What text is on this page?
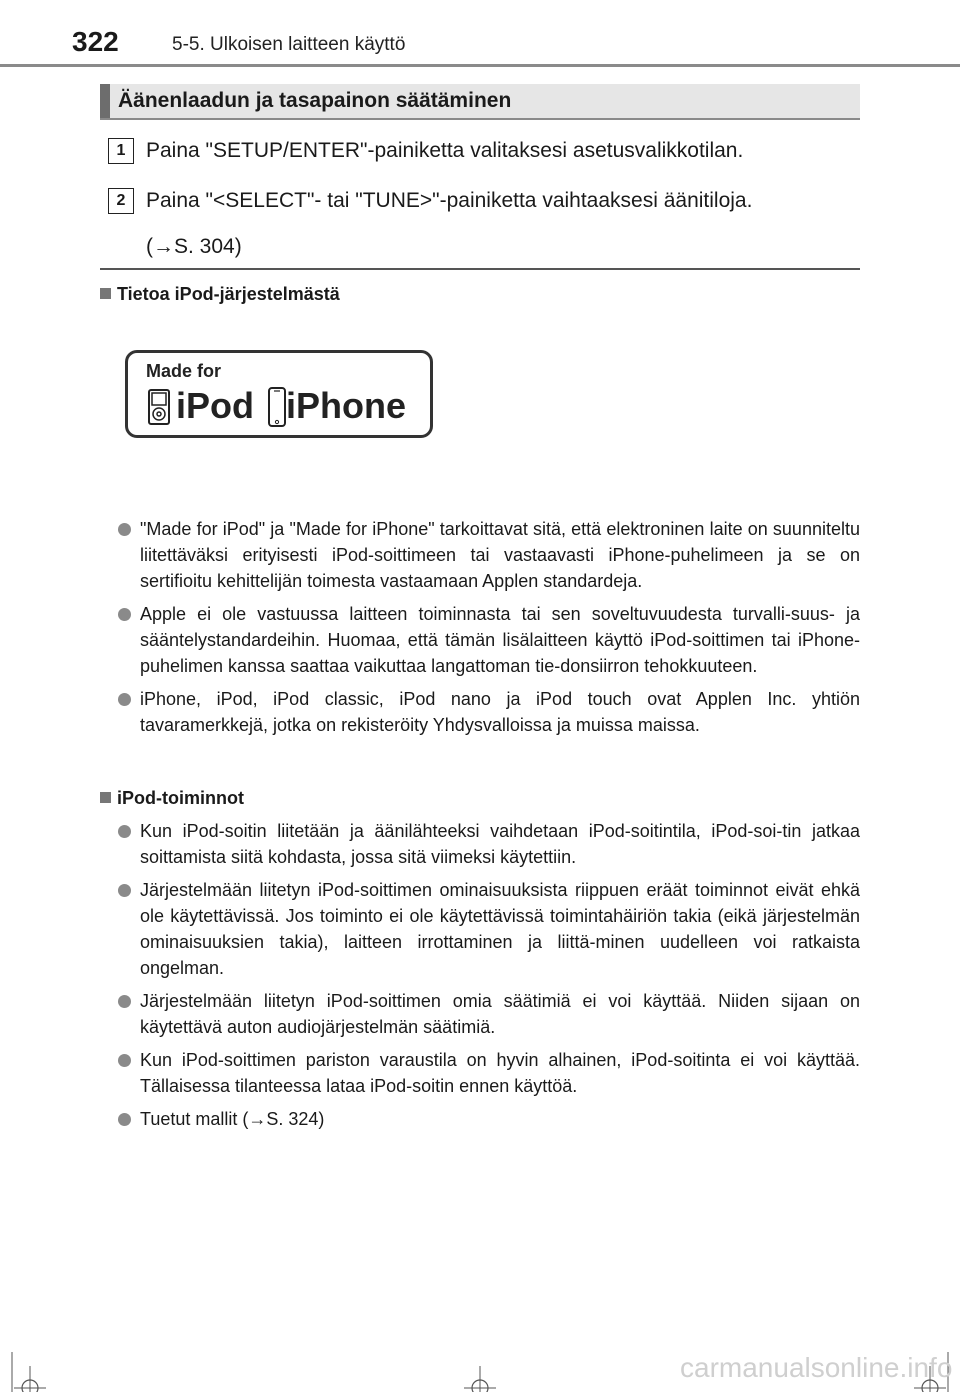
322	5-5. Ulkoisen laitteen käyttö
Äänenlaadun ja tasapainon säätäminen
1 Paina "SETUP/ENTER"-painiketta valitaksesi asetusvalikkotilan.
2 Paina "<SELECT"- tai "TUNE>"-painiketta vaihtaaksesi äänitiloja.
(→S. 304)
Tietoa iPod-järjestelmästä
Made for
iPod iPhone
"Made for iPod" ja "Made for iPhone" tarkoittavat sitä, että elektroninen laite on suunniteltu liitettäväksi erityisesti iPod-soittimeen tai vastaavasti iPhone-puhelimeen ja se on sertifioitu kehittelijän toimesta vastaamaan Applen standardeja.
Apple ei ole vastuussa laitteen toiminnasta tai sen soveltuvuudesta turvalli-suus- ja sääntelystandardeihin. Huomaa, että tämän lisälaitteen käyttö iPod-soittimen tai iPhone-puhelimen kanssa saattaa vaikuttaa langattoman tie-donsiirron tehokkuuteen.
iPhone, iPod, iPod classic, iPod nano ja iPod touch ovat Applen Inc. yhtiön tavaramerkkejä, jotka on rekisteröity Yhdysvalloissa ja muissa maissa.
iPod-toiminnot
Kun iPod-soitin liitetään ja äänilähteeksi vaihdetaan iPod-soitintila, iPod-soi-tin jatkaa soittamista siitä kohdasta, jossa sitä viimeksi käytettiin.
Järjestelmään liitetyn iPod-soittimen ominaisuuksista riippuen eräät toiminnot eivät ehkä ole käytettävissä. Jos toiminto ei ole käytettävissä toimintahäiriön takia (eikä järjestelmän ominaisuuksien takia), laitteen irrottaminen ja liittä-minen uudelleen voi ratkaista ongelman.
Järjestelmään liitetyn iPod-soittimen omia säätimiä ei voi käyttää. Niiden sijaan on käytettävä auton audiojärjestelmän säätimiä.
Kun iPod-soittimen pariston varaustila on hyvin alhainen, iPod-soitinta ei voi käyttää. Tällaisessa tilanteessa lataa iPod-soitin ennen käyttöä.
Tuetut mallit (→S. 324)
carmanualsonline.info
